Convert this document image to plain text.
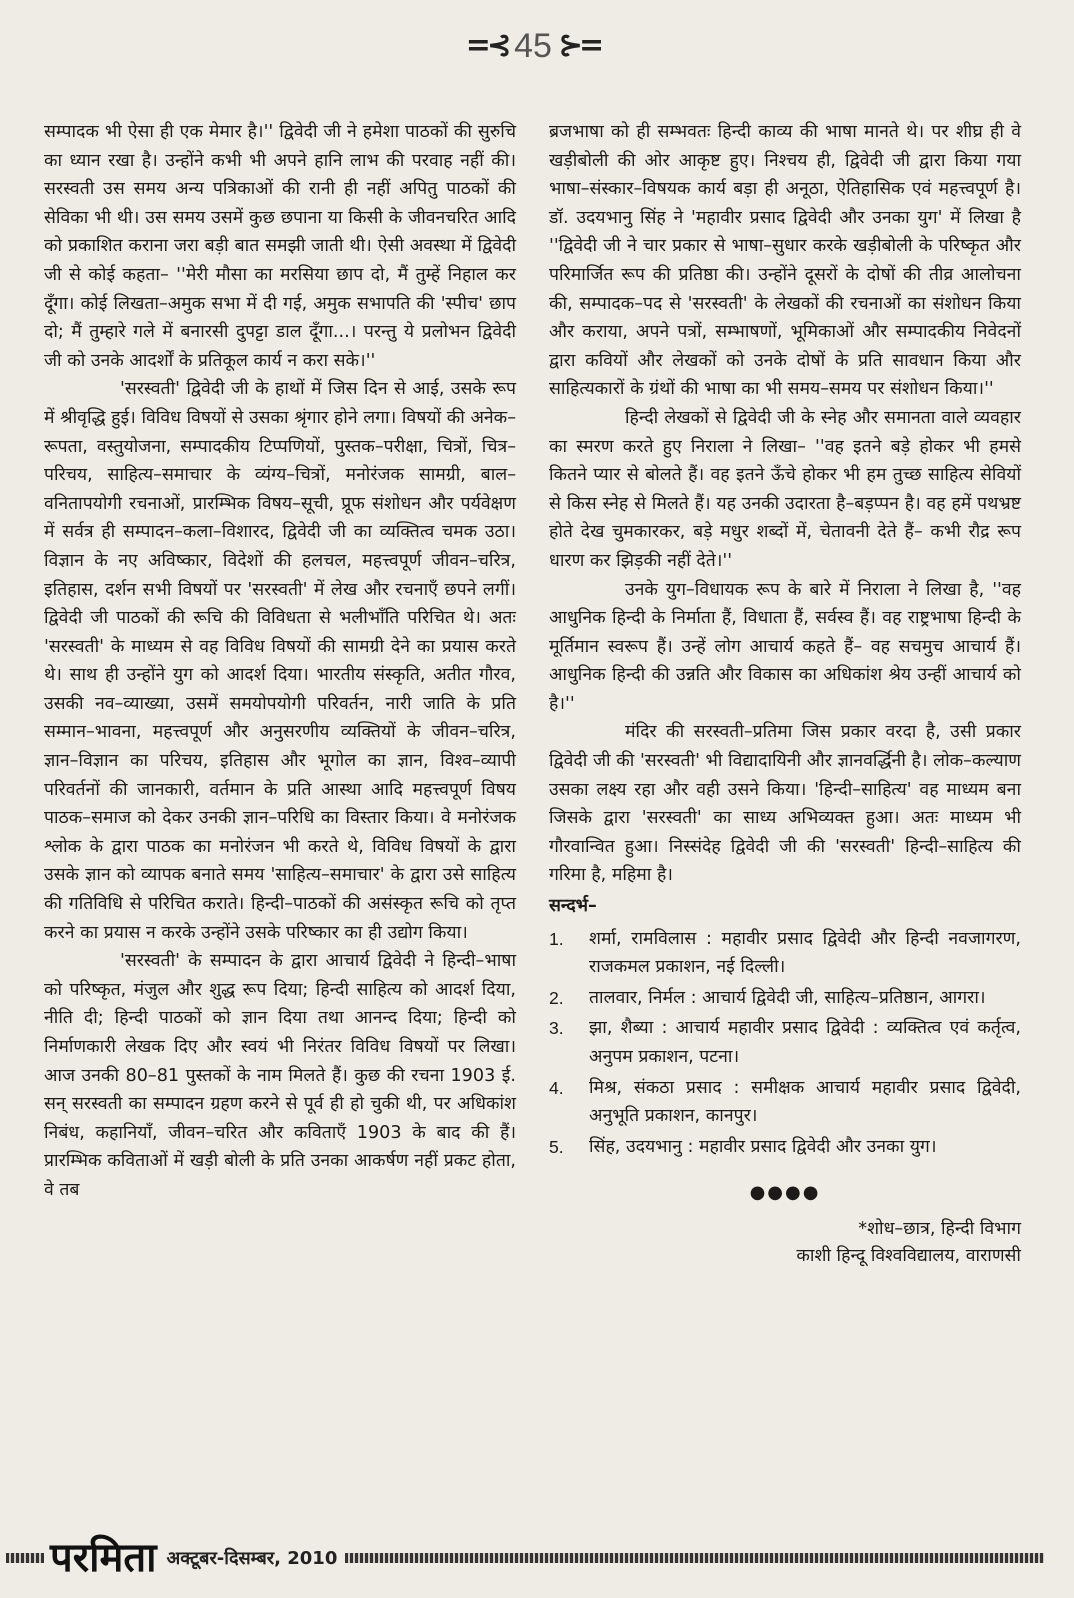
=⊰ 45 ⊱=

सम्पादक भी ऐसा ही एक मेमार है।'' द्विवेदी जी ने हमेशा पाठकों की सुरुचि का ध्यान रखा है। उन्होंने कभी भी अपने हानि लाभ की परवाह नहीं की। सरस्वती उस समय अन्य पत्रिकाओं की रानी ही नहीं अपितु पाठकों की सेविका भी थी। उस समय उसमें कुछ छपाना या किसी के जीवनचरित आदि को प्रकाशित कराना जरा बड़ी बात समझी जाती थी। ऐसी अवस्था में द्विवेदी जी से कोई कहता– ''मेरी मौसा का मरसिया छाप दो, मैं तुम्हें निहाल कर दूँगा। कोई लिखता–अमुक सभा में दी गई, अमुक सभापति की 'स्पीच' छाप दो; मैं तुम्हारे गले में बनारसी दुपट्टा डाल दूँगा...। परन्तु ये प्रलोभन द्विवेदी जी को उनके आदर्शों के प्रतिकूल कार्य न करा सके।''

'सरस्वती' द्विवेदी जी के हाथों में जिस दिन से आई, उसके रूप में श्रीवृद्धि हुई। विविध विषयों से उसका श्रृंगार होने लगा। विषयों की अनेक–रूपता, वस्तुयोजना, सम्पादकीय टिप्पणियों, पुस्तक–परीक्षा, चित्रों, चित्र–परिचय, साहित्य–समाचार के व्यंग्य–चित्रों, मनोरंजक सामग्री, बाल–वनितापयोगी रचनाओं, प्रारम्भिक विषय–सूची, प्रूफ संशोधन और पर्यवेक्षण में सर्वत्र ही सम्पादन–कला–विशारद, द्विवेदी जी का व्यक्तित्व चमक उठा। विज्ञान के नए अविष्कार, विदेशों की हलचल, महत्त्वपूर्ण जीवन–चरित्र, इतिहास, दर्शन सभी विषयों पर 'सरस्वती' में लेख और रचनाएँ छपने लगीं। द्विवेदी जी पाठकों की रूचि की विविधता से भलीभाँति परिचित थे। अतः 'सरस्वती' के माध्यम से वह विविध विषयों की सामग्री देने का प्रयास करते थे। साथ ही उन्होंने युग को आदर्श दिया। भारतीय संस्कृति, अतीत गौरव, उसकी नव–व्याख्या, उसमें समयोपयोगी परिवर्तन, नारी जाति के प्रति सम्मान–भावना, महत्त्वपूर्ण और अनुसरणीय व्यक्तियों के जीवन–चरित्र, ज्ञान–विज्ञान का परिचय, इतिहास और भूगोल का ज्ञान, विश्व–व्यापी परिवर्तनों की जानकारी, वर्तमान के प्रति आस्था आदि महत्त्वपूर्ण विषय पाठक–समाज को देकर उनकी ज्ञान–परिधि का विस्तार किया। वे मनोरंजक श्लोक के द्वारा पाठक का मनोरंजन भी करते थे, विविध विषयों के द्वारा उसके ज्ञान को व्यापक बनाते समय 'साहित्य–समाचार' के द्वारा उसे साहित्य की गतिविधि से परिचित कराते। हिन्दी–पाठकों की असंस्कृत रूचि को तृप्त करने का प्रयास न करके उन्होंने उसके परिष्कार का ही उद्योग किया।

'सरस्वती' के सम्पादन के द्वारा आचार्य द्विवेदी ने हिन्दी–भाषा को परिष्कृत, मंजुल और शुद्ध रूप दिया; हिन्दी साहित्य को आदर्श दिया, नीति दी; हिन्दी पाठकों को ज्ञान दिया तथा आनन्द दिया; हिन्दी को निर्माणकारी लेखक दिए और स्वयं भी निरंतर विविध विषयों पर लिखा। आज उनकी 80–81 पुस्तकों के नाम मिलते हैं। कुछ की रचना 1903 ई. सन् सरस्वती का सम्पादन ग्रहण करने से पूर्व ही हो चुकी थी, पर अधिकांश निबंध, कहानियाँ, जीवन–चरित और कविताएँ 1903 के बाद की हैं। प्रारम्भिक कविताओं में खड़ी बोली के प्रति उनका आकर्षण नहीं प्रकट होता, वे तब

ब्रजभाषा को ही सम्भवतः हिन्दी काव्य की भाषा मानते थे। पर शीघ्र ही वे खड़ीबोली की ओर आकृष्ट हुए। निश्चय ही, द्विवेदी जी द्वारा किया गया भाषा–संस्कार–विषयक कार्य बड़ा ही अनूठा, ऐतिहासिक एवं महत्त्वपूर्ण है। डॉ. उदयभानु सिंह ने 'महावीर प्रसाद द्विवेदी और उनका युग' में लिखा है ''द्विवेदी जी ने चार प्रकार से भाषा–सुधार करके खड़ीबोली के परिष्कृत और परिमार्जित रूप की प्रतिष्ठा की। उन्होंने दूसरों के दोषों की तीव्र आलोचना की, सम्पादक–पद से 'सरस्वती' के लेखकों की रचनाओं का संशोधन किया और कराया, अपने पत्रों, सम्भाषणों, भूमिकाओं और सम्पादकीय निवेदनों द्वारा कवियों और लेखकों को उनके दोषों के प्रति सावधान किया और साहित्यकारों के ग्रंथों की भाषा का भी समय–समय पर संशोधन किया।''

हिन्दी लेखकों से द्विवेदी जी के स्नेह और समानता वाले व्यवहार का स्मरण करते हुए निराला ने लिखा– ''वह इतने बड़े होकर भी हमसे कितने प्यार से बोलते हैं। वह इतने ऊँचे होकर भी हम तुच्छ साहित्य सेवियों से किस स्नेह से मिलते हैं। यह उनकी उदारता है–बड़प्पन है। वह हमें पथभ्रष्ट होते देख चुमकारकर, बड़े मधुर शब्दों में, चेतावनी देते हैं– कभी रौद्र रूप धारण कर झिड़की नहीं देते।''

उनके युग–विधायक रूप के बारे में निराला ने लिखा है, ''वह आधुनिक हिन्दी के निर्माता हैं, विधाता हैं, सर्वस्व हैं। वह राष्ट्रभाषा हिन्दी के मूर्तिमान स्वरूप हैं। उन्हें लोग आचार्य कहते हैं– वह सचमुच आचार्य हैं। आधुनिक हिन्दी की उन्नति और विकास का अधिकांश श्रेय उन्हीं आचार्य को है।''

मंदिर की सरस्वती–प्रतिमा जिस प्रकार वरदा है, उसी प्रकार द्विवेदी जी की 'सरस्वती' भी विद्यादायिनी और ज्ञानवर्द्धिनी है। लोक–कल्याण उसका लक्ष्य रहा और वही उसने किया। 'हिन्दी–साहित्य' वह माध्यम बना जिसके द्वारा 'सरस्वती' का साध्य अभिव्यक्त हुआ। अतः माध्यम भी गौरवान्वित हुआ। निस्संदेह द्विवेदी जी की 'सरस्वती' हिन्दी–साहित्य की गरिमा है, महिमा है।

सन्दर्भ–
1.	शर्मा, रामविलास : महावीर प्रसाद द्विवेदी और हिन्दी नवजागरण, राजकमल प्रकाशन, नई दिल्ली।
2.	तालवार, निर्मल : आचार्य द्विवेदी जी, साहित्य–प्रतिष्ठान, आगरा।
3.	झा, शैब्या : आचार्य महावीर प्रसाद द्विवेदी : व्यक्तित्व एवं कर्तृत्व, अनुपम प्रकाशन, पटना।
4.	मिश्र, संकठा प्रसाद : समीक्षक आचार्य महावीर प्रसाद द्विवेदी, अनुभूति प्रकाशन, कानपुर।
5.	सिंह, उदयभानु : महावीर प्रसाद द्विवेदी और उनका युग।
●●●●
*शोध–छात्र, हिन्दी विभाग
काशी हिन्दू विश्वविद्यालय, वाराणसी
परमिता अक्टूबर-दिसम्बर, 2010
